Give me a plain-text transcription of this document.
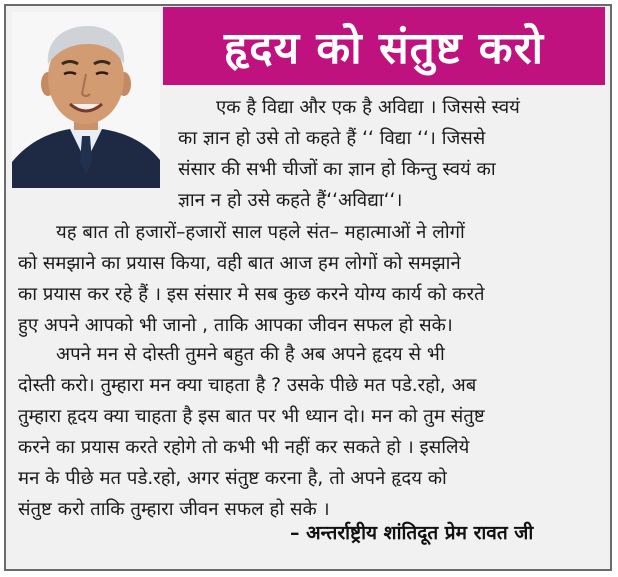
हृदय को संतुष्ट करो

एक है विद्या और एक है अविद्या । जिससे स्वयं
का ज्ञान हो उसे तो कहते हैं ‘‘ विद्या ‘‘। जिससे
संसार की सभी चीजों का ज्ञान हो किन्तु स्वयं का
ज्ञान न हो उसे कहते हैं‘‘अविद्या‘‘।

यह बात तो हजारों–हजारों साल पहले संत– महात्माओं ने लोगों
को समझाने का प्रयास किया, वही बात आज हम लोगों को समझाने
का प्रयास कर रहे हैं । इस संसार मे सब कुछ करने योग्य कार्य को करते
हुए अपने आपको भी जानो , ताकि आपका जीवन सफल हो सके।

अपने मन से दोस्ती तुमने बहुत की है अब अपने हृदय से भी
दोस्ती करो। तुम्हारा मन क्या चाहता है ? उसके पीछे मत पडे.रहो, अब
तुम्हारा हृदय क्या चाहता है इस बात पर भी ध्यान दो। मन को तुम संतुष्ट
करने का प्रयास करते रहोगे तो कभी भी नहीं कर सकते हो । इसलिये
मन के पीछे मत पडे.रहो, अगर संतुष्ट करना है, तो अपने हृदय को
संतुष्ट करो ताकि तुम्हारा जीवन सफल हो सके ।

– अन्तर्राष्ट्रीय शांतिदूत प्रेम रावत जी
